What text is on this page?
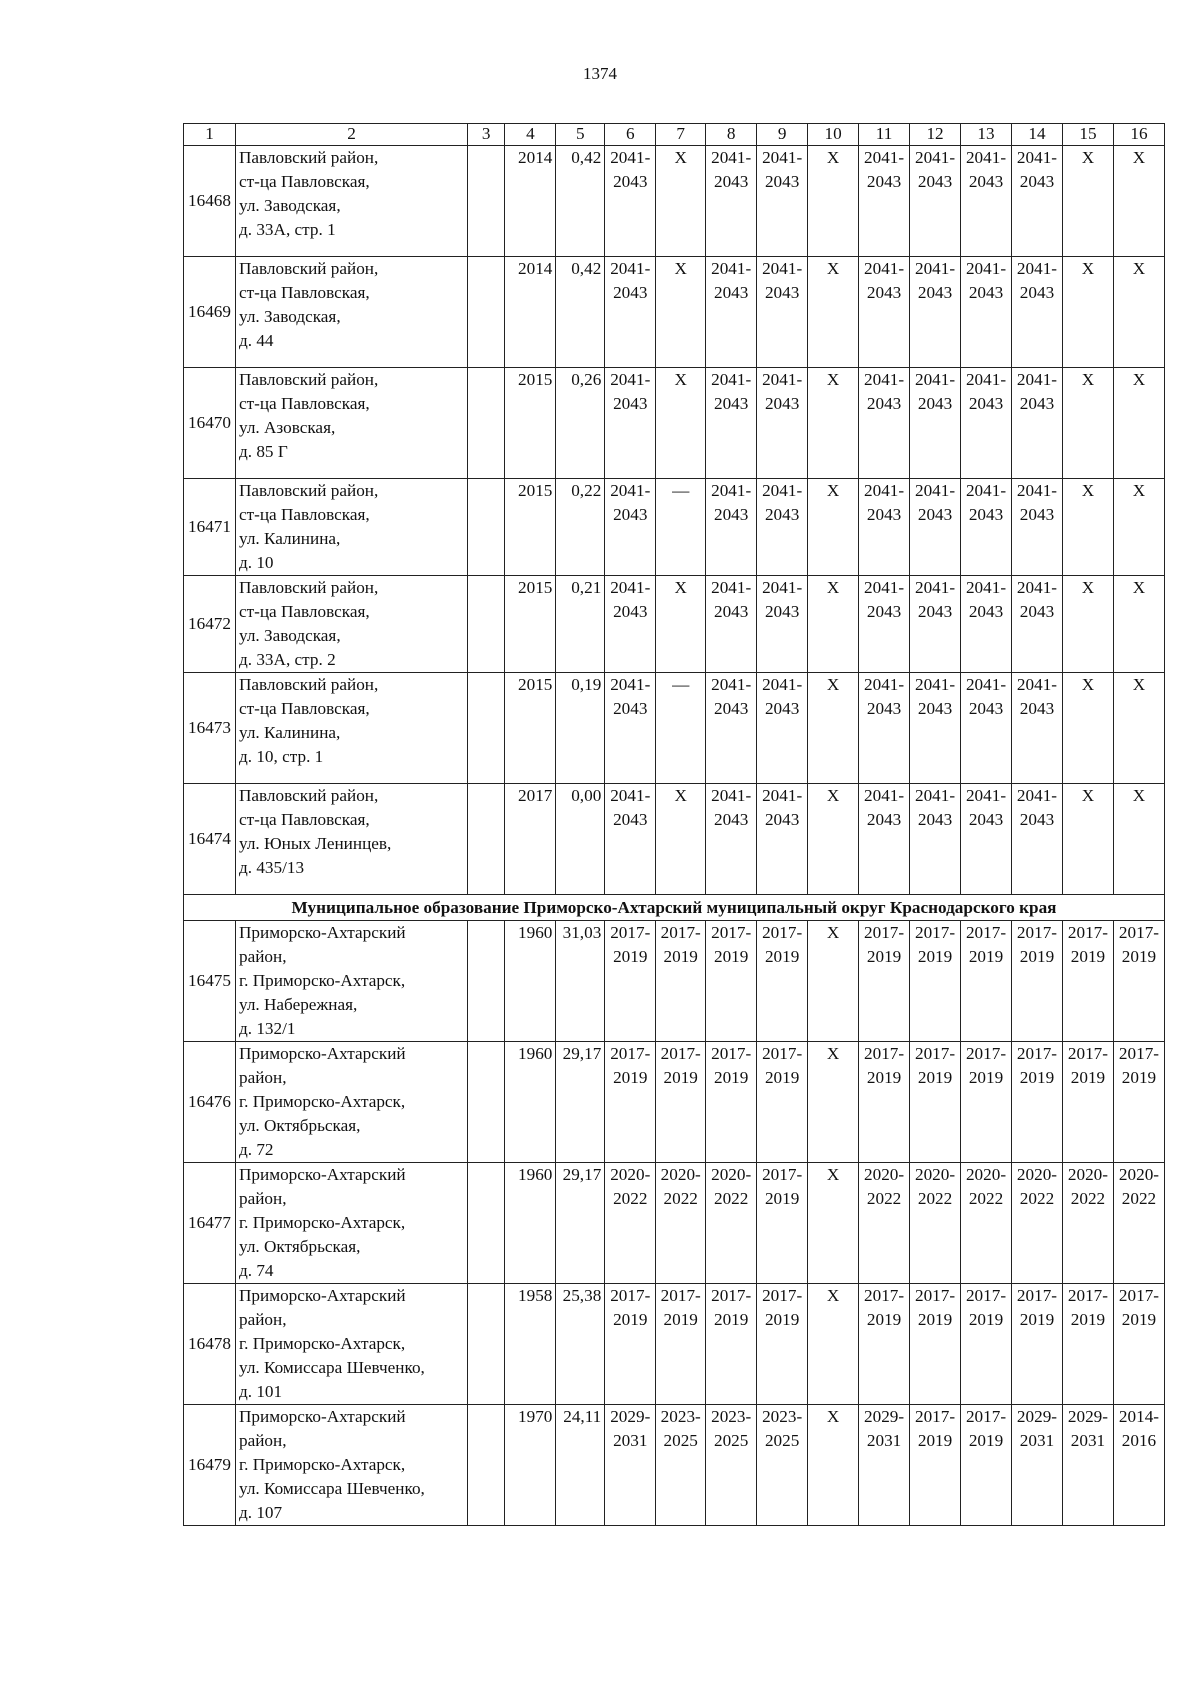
1374
1	2	3	4	5	6	7	8	9	10	11	12	13	14	15	16
16468	Павловский район,
ст-ца Павловская,
ул. Заводская,
д. 33А, стр. 1		2014	0,42	2041-
2043	Х	2041-
2043	2041-
2043	Х	2041-
2043	2041-
2043	2041-
2043	2041-
2043	Х	Х

16469	Павловский район,
ст-ца Павловская,
ул. Заводская,
д. 44		2014	0,42	2041-
2043	Х	2041-
2043	2041-
2043	Х	2041-
2043	2041-
2043	2041-
2043	2041-
2043	Х	Х

16470	Павловский район,
ст-ца Павловская,
ул. Азовская,
д. 85 Г		2015	0,26	2041-
2043	Х	2041-
2043	2041-
2043	Х	2041-
2043	2041-
2043	2041-
2043	2041-
2043	Х	Х

16471	Павловский район,
ст-ца Павловская,
ул. Калинина,
д. 10		2015	0,22	2041-
2043	—	2041-
2043	2041-
2043	Х	2041-
2043	2041-
2043	2041-
2043	2041-
2043	Х	Х

16472	Павловский район,
ст-ца Павловская,
ул. Заводская,
д. 33А, стр. 2		2015	0,21	2041-
2043	Х	2041-
2043	2041-
2043	Х	2041-
2043	2041-
2043	2041-
2043	2041-
2043	Х	Х

16473	Павловский район,
ст-ца Павловская,
ул. Калинина,
д. 10, стр. 1		2015	0,19	2041-
2043	—	2041-
2043	2041-
2043	Х	2041-
2043	2041-
2043	2041-
2043	2041-
2043	Х	Х

16474	Павловский район,
ст-ца Павловская,
ул. Юных Ленинцев,
д. 435/13		2017	0,00	2041-
2043	Х	2041-
2043	2041-
2043	Х	2041-
2043	2041-
2043	2041-
2043	2041-
2043	Х	Х

Муниципальное образование Приморско-Ахтарский муниципальный округ Краснодарского края															
16475	Приморско-Ахтарский
район,
г. Приморско-Ахтарск,
ул. Набережная,
д. 132/1		1960	31,03	2017-
2019	2017-
2019	2017-
2019	2017-
2019	Х	2017-
2019	2017-
2019	2017-
2019	2017-
2019	2017-
2019	2017-
2019

16476	Приморско-Ахтарский
район,
г. Приморско-Ахтарск,
ул. Октябрьская,
д. 72		1960	29,17	2017-
2019	2017-
2019	2017-
2019	2017-
2019	Х	2017-
2019	2017-
2019	2017-
2019	2017-
2019	2017-
2019	2017-
2019

16477	Приморско-Ахтарский
район,
г. Приморско-Ахтарск,
ул. Октябрьская,
д. 74		1960	29,17	2020-
2022	2020-
2022	2020-
2022	2017-
2019	Х	2020-
2022	2020-
2022	2020-
2022	2020-
2022	2020-
2022	2020-
2022

16478	Приморско-Ахтарский
район,
г. Приморско-Ахтарск,
ул. Комиссара Шевченко,
д. 101		1958	25,38	2017-
2019	2017-
2019	2017-
2019	2017-
2019	Х	2017-
2019	2017-
2019	2017-
2019	2017-
2019	2017-
2019	2017-
2019

16479	Приморско-Ахтарский
район,
г. Приморско-Ахтарск,
ул. Комиссара Шевченко,
д. 107		1970	24,11	2029-
2031	2023-
2025	2023-
2025	2023-
2025	Х	2029-
2031	2017-
2019	2017-
2019	2029-
2031	2029-
2031	2014-
2016
